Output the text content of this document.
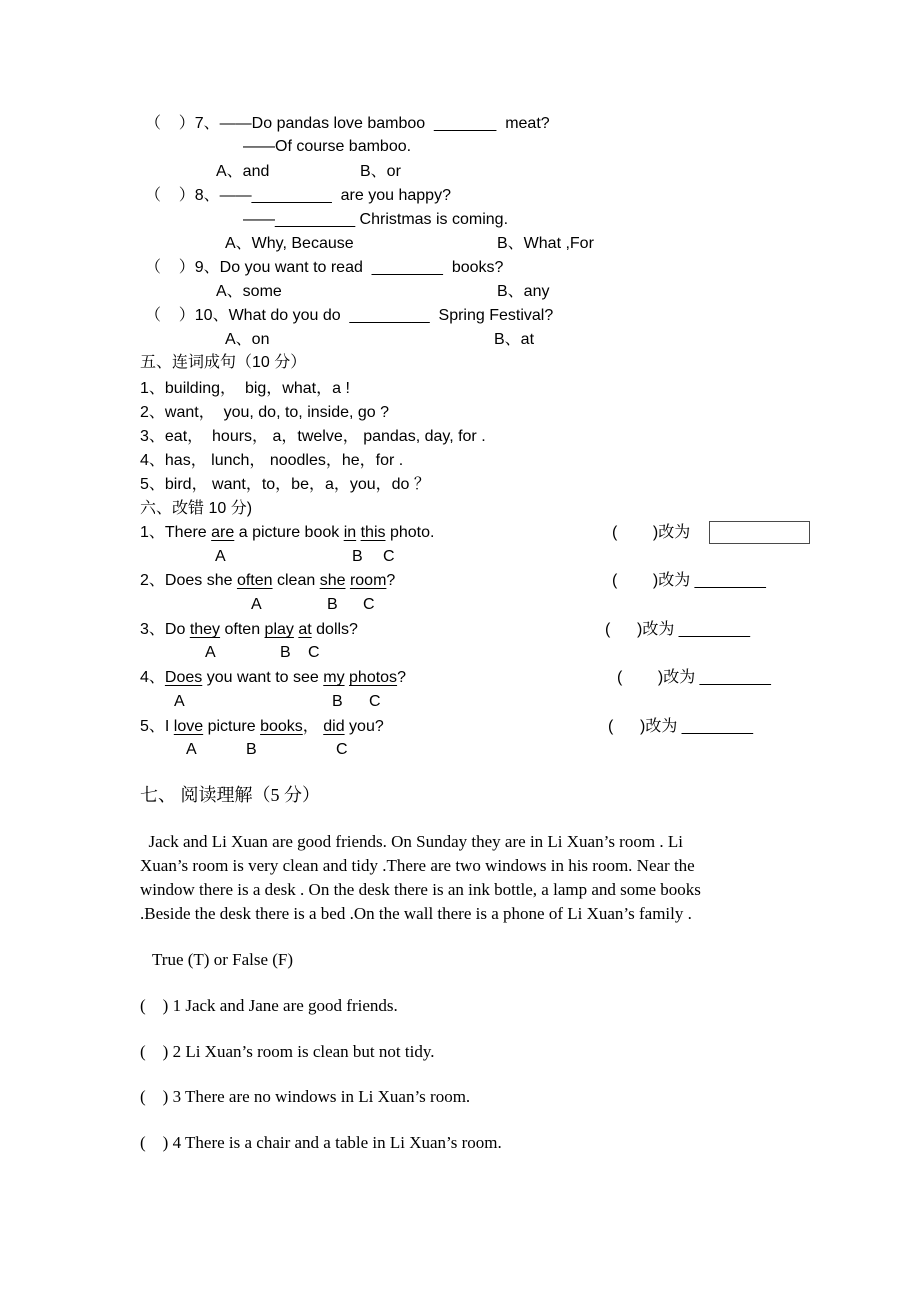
（    ）7、——Do pandas love bamboo  _______  meat?
——Of course bamboo.
A、and	B、or
（    ）8、——_________  are you happy?
——_________ Christmas is coming.
A、Why, Because	B、What ,For
（    ）9、Do you want to read  ________  books?
A、some	B、any
（    ）10、What do you do  _________  Spring Festival?
A、on	B、at
五、连词成句（10 分）
1、building，  big，what，a !
2、want，  you, do, to, inside, go ?
3、eat，  hours， a，twelve， pandas, day, for .
4、has， lunch， noodles，he，for .
5、bird， want，to，be，a，you，do ？
六、改错 10 分)
1、There are a picture book in this photo.	(        )改为
A	B C
2、Does she often clean she room?	(        )改为 ________
A	B C
3、Do they often play at dolls?	(      )改为 ________
A	B C
4、Does you want to see my photos?	(        )改为 ________
A	B C
5、I love picture books， did you?	(      )改为 ________
A	B	C
七、 阅读理解（5 分）
Jack and Li Xuan are good friends. On Sunday they are in Li Xuan’s room . Li
Xuan’s room is very clean and tidy .There are two windows in his room. Near the
window there is a desk . On the desk there is an ink bottle, a lamp and some books
.Beside the desk there is a bed .On the wall there is a phone of Li Xuan’s family .
True (T) or False (F)
(    ) 1 Jack and Jane are good friends.
(    ) 2 Li Xuan’s room is clean but not tidy.
(    ) 3 There are no windows in Li Xuan’s room.
(    ) 4 There is a chair and a table in Li Xuan’s room.
